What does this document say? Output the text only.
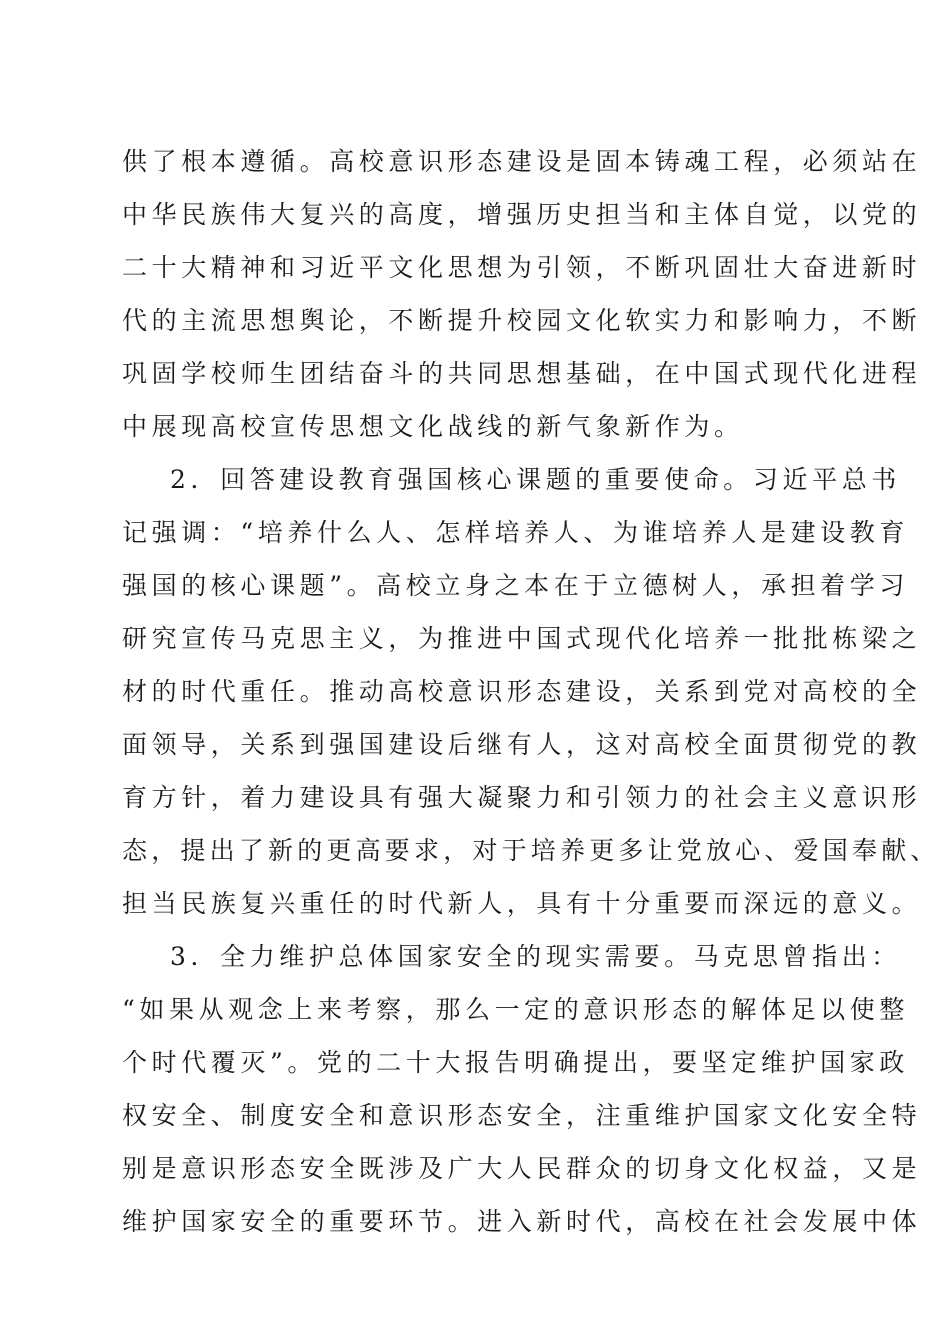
供了根本遵循。高校意识形态建设是固本铸魂工程，必须站在
中华民族伟大复兴的高度，增强历史担当和主体自觉，以党的
二十大精神和习近平文化思想为引领，不断巩固壮大奋进新时
代的主流思想舆论，不断提升校园文化软实力和影响力，不断
巩固学校师生团结奋斗的共同思想基础，在中国式现代化进程
中展现高校宣传思想文化战线的新气象新作为。
2．回答建设教育强国核心课题的重要使命。习近平总书
记强调：“培养什么人、怎样培养人、为谁培养人是建设教育
强国的核心课题”。高校立身之本在于立德树人，承担着学习
研究宣传马克思主义，为推进中国式现代化培养一批批栋梁之
材的时代重任。推动高校意识形态建设，关系到党对高校的全
面领导，关系到强国建设后继有人，这对高校全面贯彻党的教
育方针，着力建设具有强大凝聚力和引领力的社会主义意识形
态，提出了新的更高要求，对于培养更多让党放心、爱国奉献、
担当民族复兴重任的时代新人，具有十分重要而深远的意义。
3．全力维护总体国家安全的现实需要。马克思曾指出：
“如果从观念上来考察，那么一定的意识形态的解体足以使整
个时代覆灭”。党的二十大报告明确提出，要坚定维护国家政
权安全、制度安全和意识形态安全，注重维护国家文化安全特
别是意识形态安全既涉及广大人民群众的切身文化权益，又是
维护国家安全的重要环节。进入新时代，高校在社会发展中体
